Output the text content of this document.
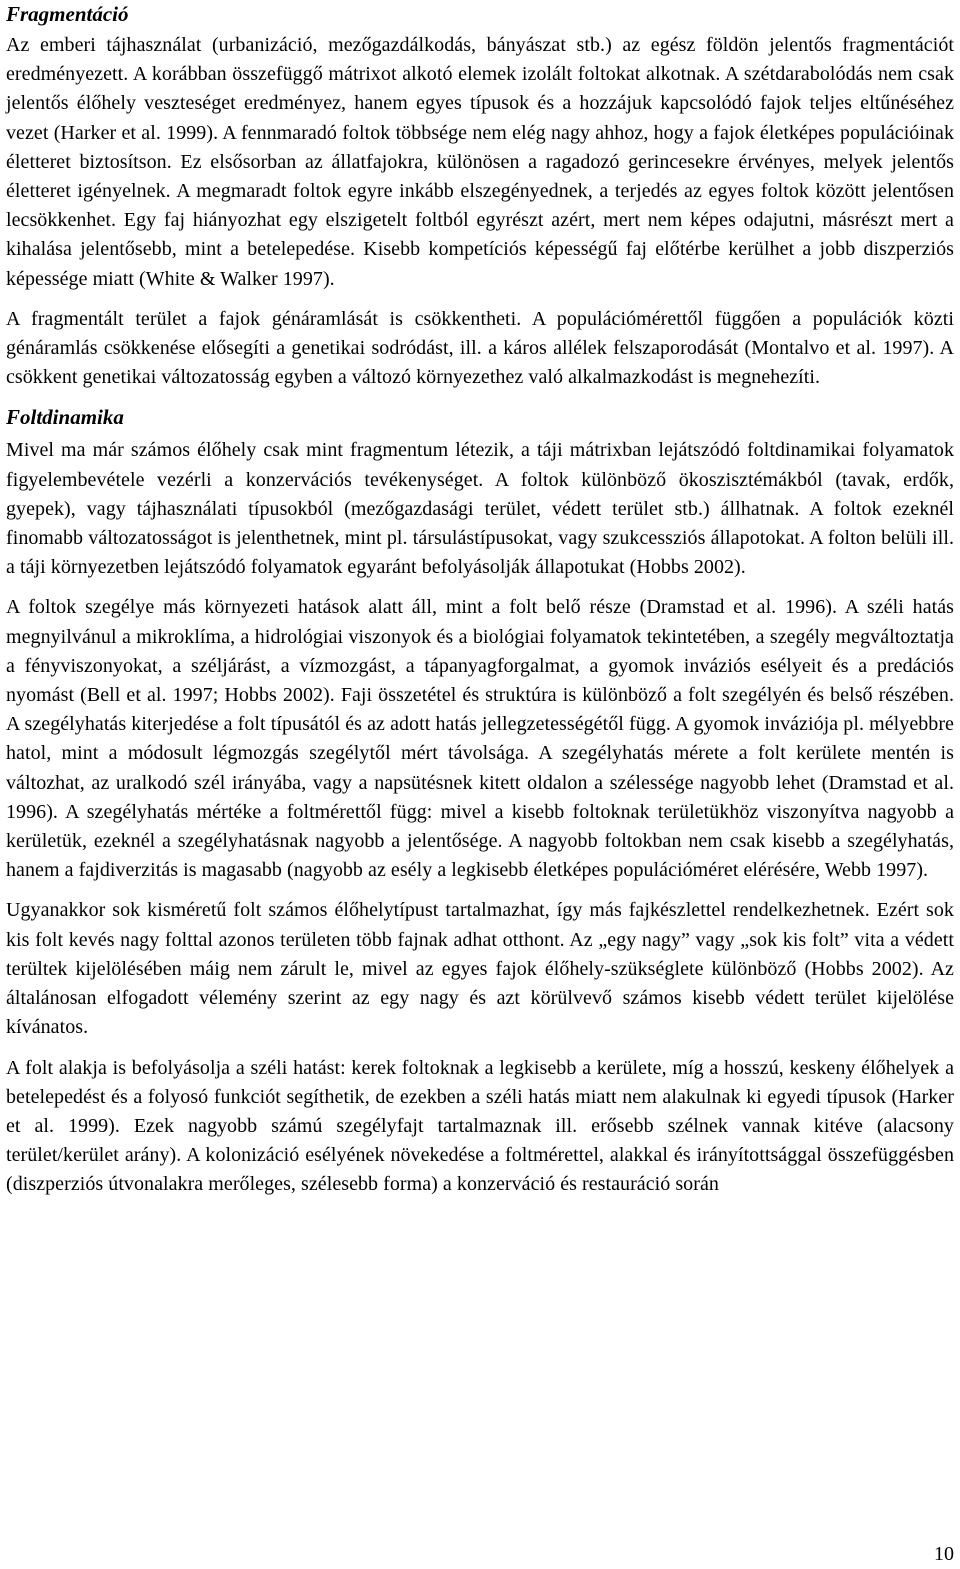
Fragmentáció

Az emberi tájhasználat (urbanizáció, mezőgazdálkodás, bányászat stb.) az egész földön jelentős fragmentációt eredményezett. A korábban összefüggő mátrixot alkotó elemek izolált foltokat alkotnak. A szétdarabolódás nem csak jelentős élőhely veszteséget eredményez, hanem egyes típusok és a hozzájuk kapcsolódó fajok teljes eltűnéséhez vezet (Harker et al. 1999). A fennmaradó foltok többsége nem elég nagy ahhoz, hogy a fajok életképes populációinak életteret biztosítson. Ez elsősorban az állatfajokra, különösen a ragadozó gerincesekre érvényes, melyek jelentős életteret igényelnek. A megmaradt foltok egyre inkább elszegényednek, a terjedés az egyes foltok között jelentősen lecsökkenhet. Egy faj hiányozhat egy elszigetelt foltból egyrészt azért, mert nem képes odajutni, másrészt mert a kihalása jelentősebb, mint a betelepedése. Kisebb kompetíciós képességű faj előtérbe kerülhet a jobb diszperziós képessége miatt (White & Walker 1997).

A fragmentált terület a fajok génáramlását is csökkentheti. A populációmérettől függően a populációk közti génáramlás csökkenése elősegíti a genetikai sodródást, ill. a káros allélek felszaporodását (Montalvo et al. 1997). A csökkent genetikai változatosság egyben a változó környezethez való alkalmazkodást is megnehezíti.

Foltdinamika

Mivel ma már számos élőhely csak mint fragmentum létezik, a táji mátrixban lejátszódó foltdinamikai folyamatok figyelembevétele vezérli a konzervációs tevékenységet. A foltok különböző ökoszisztémákból (tavak, erdők, gyepek), vagy tájhasználati típusokból (mezőgazdasági terület, védett terület stb.) állhatnak. A foltok ezeknél finomabb változatosságot is jelenthetnek, mint pl. társulástípusokat, vagy szukcessziós állapotokat. A folton belüli ill. a táji környezetben lejátszódó folyamatok egyaránt befolyásolják állapotukat (Hobbs 2002).

A foltok szegélye más környezeti hatások alatt áll, mint a folt belő része (Dramstad et al. 1996). A széli hatás megnyilvánul a mikroklíma, a hidrológiai viszonyok és a biológiai folyamatok tekintetében, a szegély megváltoztatja a fényviszonyokat, a széljárást, a vízmozgást, a tápanyagforgalmat, a gyomok inváziós esélyeit és a predációs nyomást (Bell et al. 1997; Hobbs 2002). Faji összetétel és struktúra is különböző a folt szegélyén és belső részében. A szegélyhatás kiterjedése a folt típusától és az adott hatás jellegzetességétől függ. A gyomok inváziója pl. mélyebbre hatol, mint a módosult légmozgás szegélytől mért távolsága. A szegélyhatás mérete a folt kerülete mentén is változhat, az uralkodó szél irányába, vagy a napsütésnek kitett oldalon a szélessége nagyobb lehet (Dramstad et al. 1996). A szegélyhatás mértéke a foltmérettől függ: mivel a kisebb foltoknak területükhöz viszonyítva nagyobb a kerületük, ezeknél a szegélyhatásnak nagyobb a jelentősége. A nagyobb foltokban nem csak kisebb a szegélyhatás, hanem a fajdiverzitás is magasabb (nagyobb az esély a legkisebb életképes populációméret elérésére, Webb 1997).

Ugyanakkor sok kisméretű folt számos élőhelytípust tartalmazhat, így más fajkészlettel rendelkezhetnek. Ezért sok kis folt kevés nagy folttal azonos területen több fajnak adhat otthont. Az „egy nagy” vagy „sok kis folt” vita a védett terültek kijelölésében máig nem zárult le, mivel az egyes fajok élőhely-szükséglete különböző (Hobbs 2002). Az általánosan elfogadott vélemény szerint az egy nagy és azt körülvevő számos kisebb védett terület kijelölése kívánatos.

A folt alakja is befolyásolja a széli hatást: kerek foltoknak a legkisebb a kerülete, míg a hosszú, keskeny élőhelyek a betelepedést és a folyosó funkciót segíthetik, de ezekben a széli hatás miatt nem alakulnak ki egyedi típusok (Harker et al. 1999). Ezek nagyobb számú szegélyfajt tartalmaznak ill. erősebb szélnek vannak kitéve (alacsony terület/kerület arány). A kolonizáció esélyének növekedése a foltmérettel, alakkal és irányítottsággal összefüggésben (diszperziós útvonalakra merőleges, szélesebb forma) a konzerváció és restauráció során

10
